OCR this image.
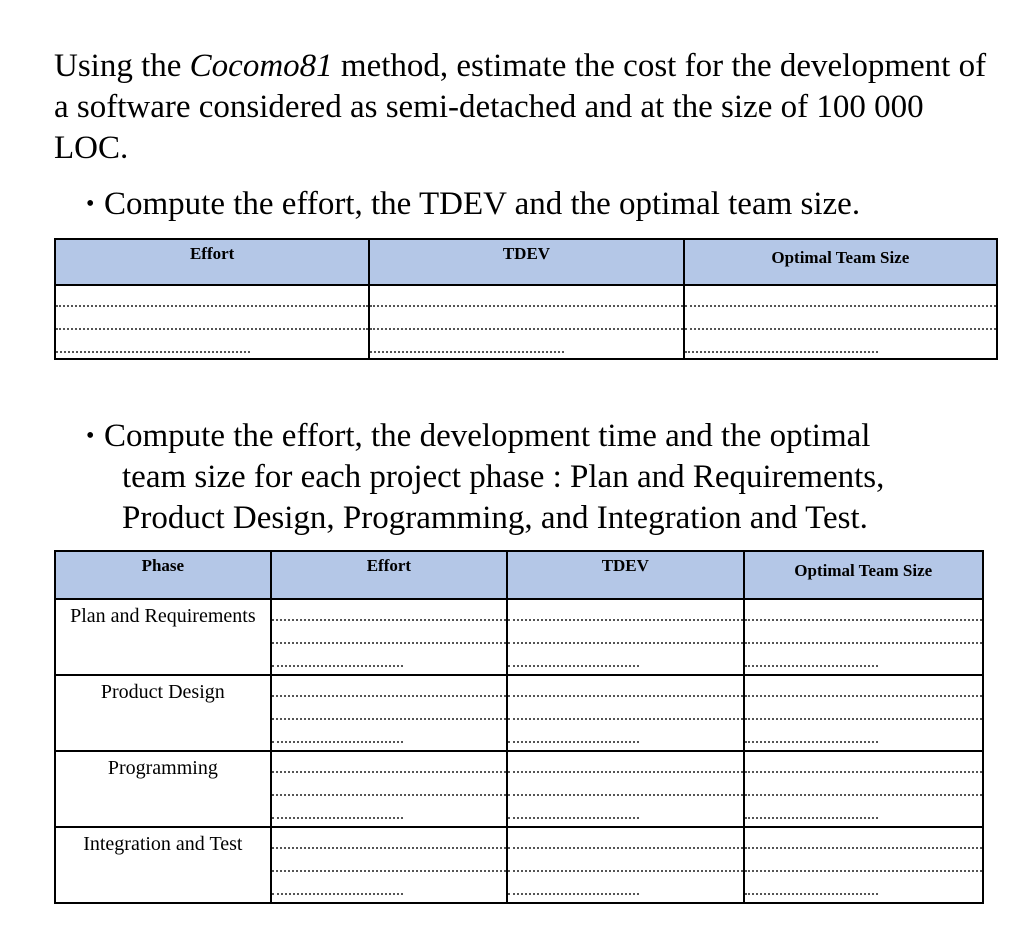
Using the Cocomo81 method, estimate the cost for the development of a software considered as semi-detached and at the size of 100 000 LOC.

• Compute the effort, the TDEV and the optimal team size.

Effort	TDEV	Optimal Team Size

• Compute the effort, the development time and the optimal
team size for each project phase : Plan and Requirements, Product Design, Programming, and Integration and Test.

Phase	Effort	TDEV	Optimal Team Size

Plan and Requirements	

Product Design	

Programming	

Integration and Test	
